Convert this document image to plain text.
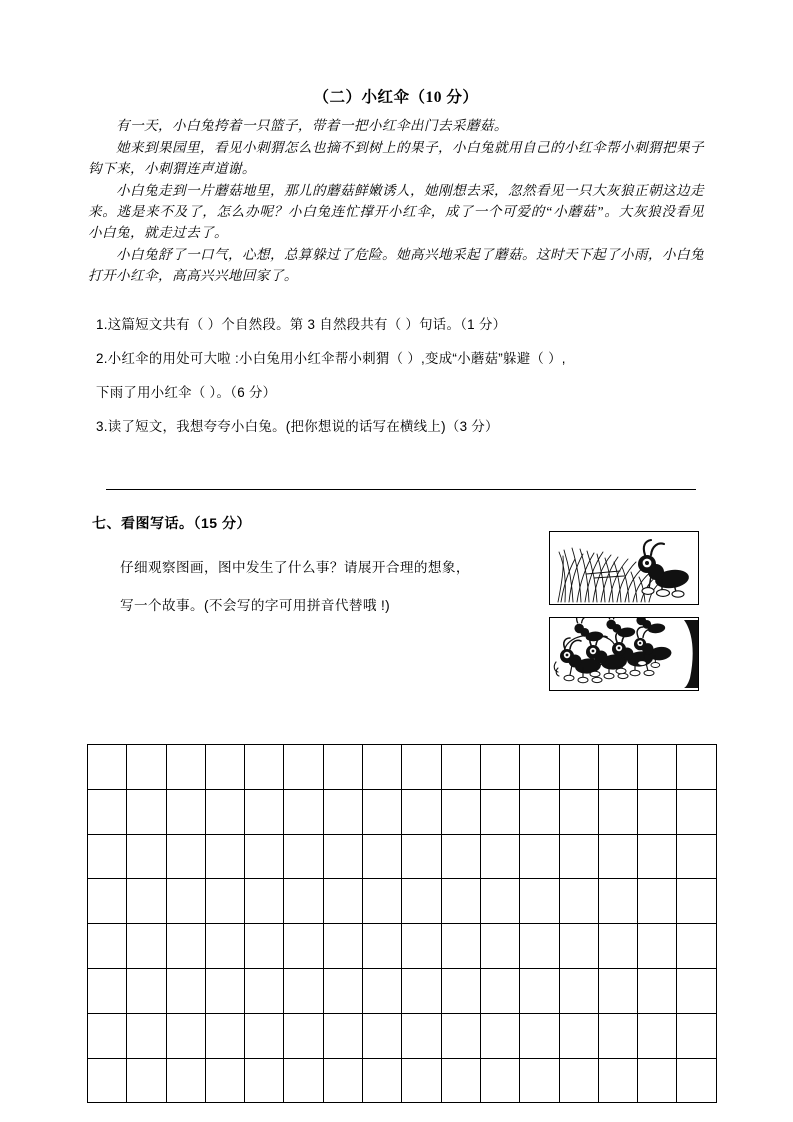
（二）小红伞（10 分）

有一天，小白兔挎着一只篮子，带着一把小红伞出门去采蘑菇。

她来到果园里，看见小刺猬怎么也摘不到树上的果子，小白兔就用自己的小红伞帮小刺猬把果子钩下来，小刺猬连声道谢。

小白兔走到一片蘑菇地里，那儿的蘑菇鲜嫩诱人，她刚想去采，忽然看见一只大灰狼正朝这边走来。逃是来不及了，怎么办呢？小白兔连忙撑开小红伞，成了一个可爱的“小蘑菇”。大灰狼没看见小白兔，就走过去了。

小白兔舒了一口气，心想，总算躲过了危险。她高兴地采起了蘑菇。这时天下起了小雨，小白兔打开小红伞，高高兴兴地回家了。

1.这篇短文共有（ ）个自然段。第 3 自然段共有（ ）句话。（1 分）
2.小红伞的用处可大啦 :小白兔用小红伞帮小刺猬（ ）,变成“小蘑菇”躲避（ ）,
下雨了用小红伞（ ）。（6 分）
3.读了短文，我想夸夸小白兔。(把你想说的话写在横线上)（3 分）
七、看图写话。（15 分）
仔细观察图画，图中发生了什么事？请展开合理的想象，
写一个故事。(不会写的字可用拼音代替哦 !)
